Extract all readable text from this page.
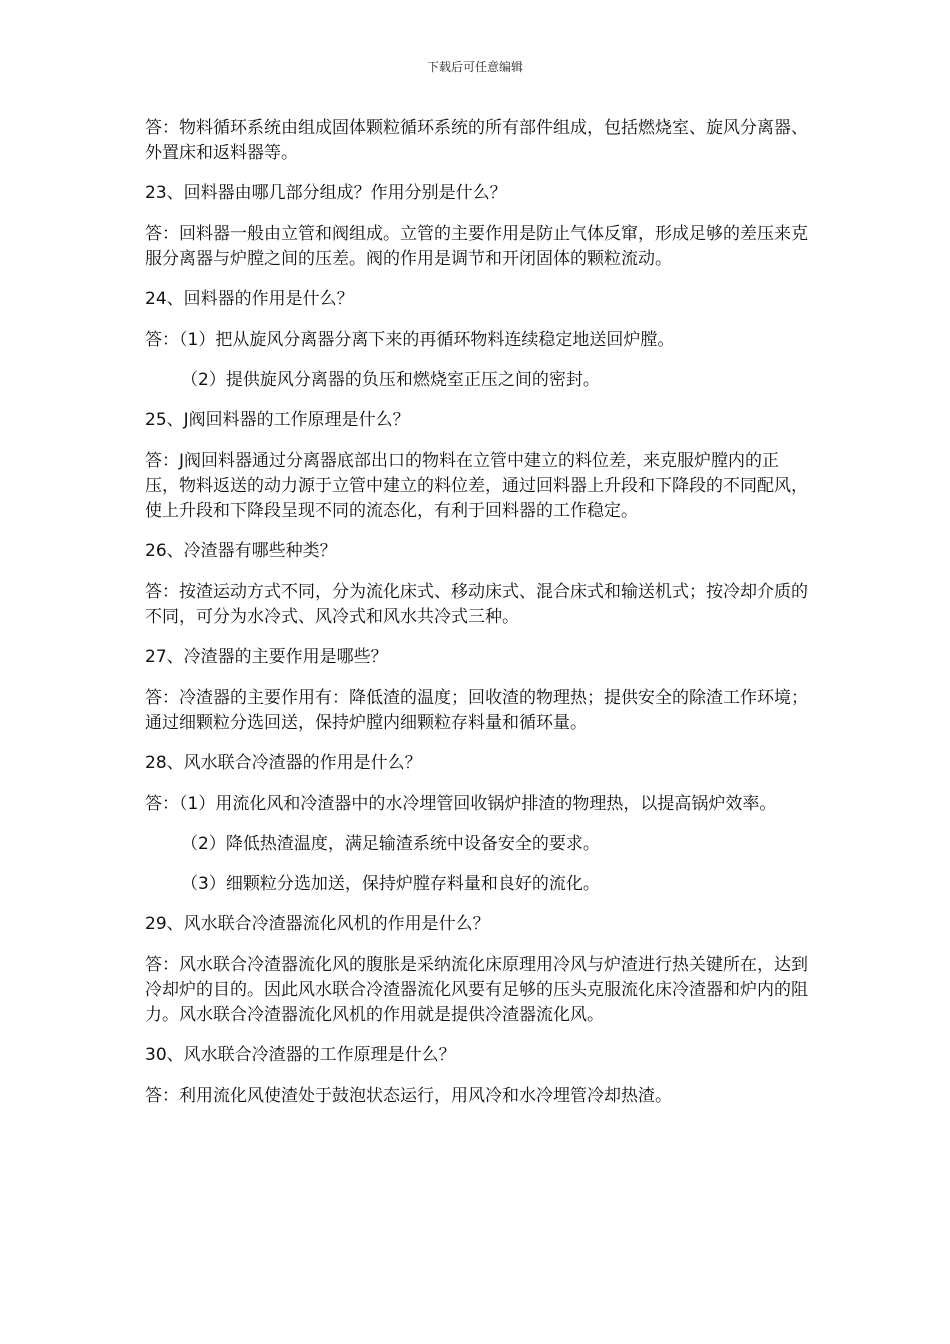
下载后可任意编辑
答：物料循环系统由组成固体颗粒循环系统的所有部件组成，包括燃烧室、旋风分离器、外置床和返料器等。
23、回料器由哪几部分组成？作用分别是什么？
答：回料器一般由立管和阀组成。立管的主要作用是防止气体反窜，形成足够的差压来克服分离器与炉膛之间的压差。阀的作用是调节和开闭固体的颗粒流动。
24、回料器的作用是什么？
答：（1）把从旋风分离器分离下来的再循环物料连续稳定地送回炉膛。
（2）提供旋风分离器的负压和燃烧室正压之间的密封。
25、J阀回料器的工作原理是什么？
答：J阀回料器通过分离器底部出口的物料在立管中建立的料位差，来克服炉膛内的正压，物料返送的动力源于立管中建立的料位差，通过回料器上升段和下降段的不同配风，使上升段和下降段呈现不同的流态化，有利于回料器的工作稳定。
26、冷渣器有哪些种类？
答：按渣运动方式不同，分为流化床式、移动床式、混合床式和输送机式；按冷却介质的不同，可分为水冷式、风冷式和风水共冷式三种。
27、冷渣器的主要作用是哪些？
答：冷渣器的主要作用有：降低渣的温度；回收渣的物理热；提供安全的除渣工作环境；通过细颗粒分选回送，保持炉膛内细颗粒存料量和循环量。
28、风水联合冷渣器的作用是什么？
答：（1）用流化风和冷渣器中的水冷埋管回收锅炉排渣的物理热，以提高锅炉效率。
（2）降低热渣温度，满足输渣系统中设备安全的要求。
（3）细颗粒分选加送，保持炉膛存料量和良好的流化。
29、风水联合冷渣器流化风机的作用是什么？
答：风水联合冷渣器流化风的腹胀是采纳流化床原理用冷风与炉渣进行热关键所在，达到冷却炉的目的。因此风水联合冷渣器流化风要有足够的压头克服流化床冷渣器和炉内的阻力。风水联合冷渣器流化风机的作用就是提供冷渣器流化风。
30、风水联合冷渣器的工作原理是什么？
答：利用流化风使渣处于鼓泡状态运行，用风冷和水冷埋管冷却热渣。
